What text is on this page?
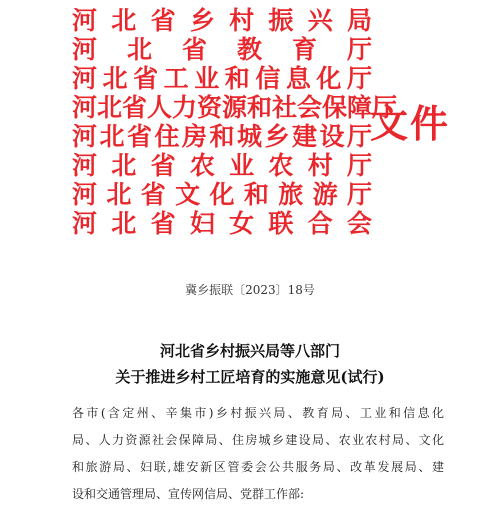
河 北 省 乡 村 振 兴 局
河 北 省 教 育 厅
河北省工业和信息化厅
河北省人力资源和社会保障厅
河北省住房和城乡建设厅
河 北 省 农 业 农 村 厅
河 北 省 文 化 和 旅 游 厅
河 北 省 妇 女 联 合 会
文件
冀乡振联〔2023〕18号
河北省乡村振兴局等八部门
关于推进乡村工匠培育的实施意见(试行)
各市(含定州、辛集市)乡村振兴局、教育局、工业和信息化
局、人力资源社会保障局、住房城乡建设局、农业农村局、文化
和旅游局、妇联,雄安新区管委会公共服务局、改革发展局、建
设和交通管理局、宣传网信局、党群工作部:
